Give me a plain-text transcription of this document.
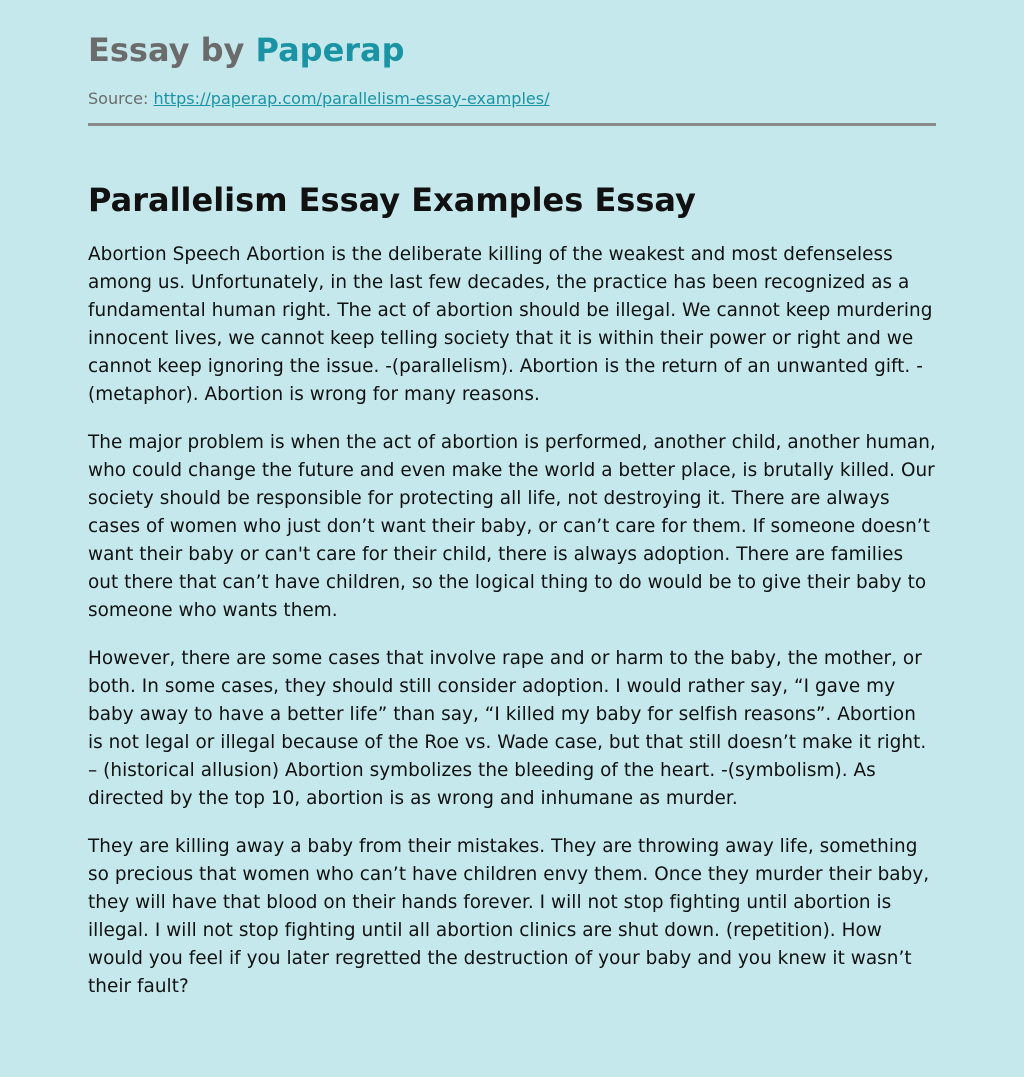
Essay by Paperap
Source: https://paperap.com/parallelism-essay-examples/
Parallelism Essay Examples Essay

Abortion Speech Abortion is the deliberate killing of the weakest and most defenseless among us. Unfortunately, in the last few decades, the practice has been recognized as a fundamental human right. The act of abortion should be illegal. We cannot keep murdering innocent lives, we cannot keep telling society that it is within their power or right and we cannot keep ignoring the issue. -(parallelism). Abortion is the return of an unwanted gift. -(metaphor). Abortion is wrong for many reasons.

The major problem is when the act of abortion is performed, another child, another human, who could change the future and even make the world a better place, is brutally killed. Our society should be responsible for protecting all life, not destroying it. There are always cases of women who just don’t want their baby, or can’t care for them. If someone doesn’t want their baby or can't care for their child, there is always adoption. There are families out there that can’t have children, so the logical thing to do would be to give their baby to someone who wants them.

However, there are some cases that involve rape and or harm to the baby, the mother, or both. In some cases, they should still consider adoption. I would rather say, “I gave my baby away to have a better life” than say, “I killed my baby for selfish reasons”. Abortion is not legal or illegal because of the Roe vs. Wade case, but that still doesn’t make it right. – (historical allusion) Abortion symbolizes the bleeding of the heart. -(symbolism). As directed by the top 10, abortion is as wrong and inhumane as murder.

They are killing away a baby from their mistakes. They are throwing away life, something so precious that women who can’t have children envy them. Once they murder their baby, they will have that blood on their hands forever. I will not stop fighting until abortion is illegal. I will not stop fighting until all abortion clinics are shut down. (repetition). How would you feel if you later regretted the destruction of your baby and you knew it wasn’t their fault?
